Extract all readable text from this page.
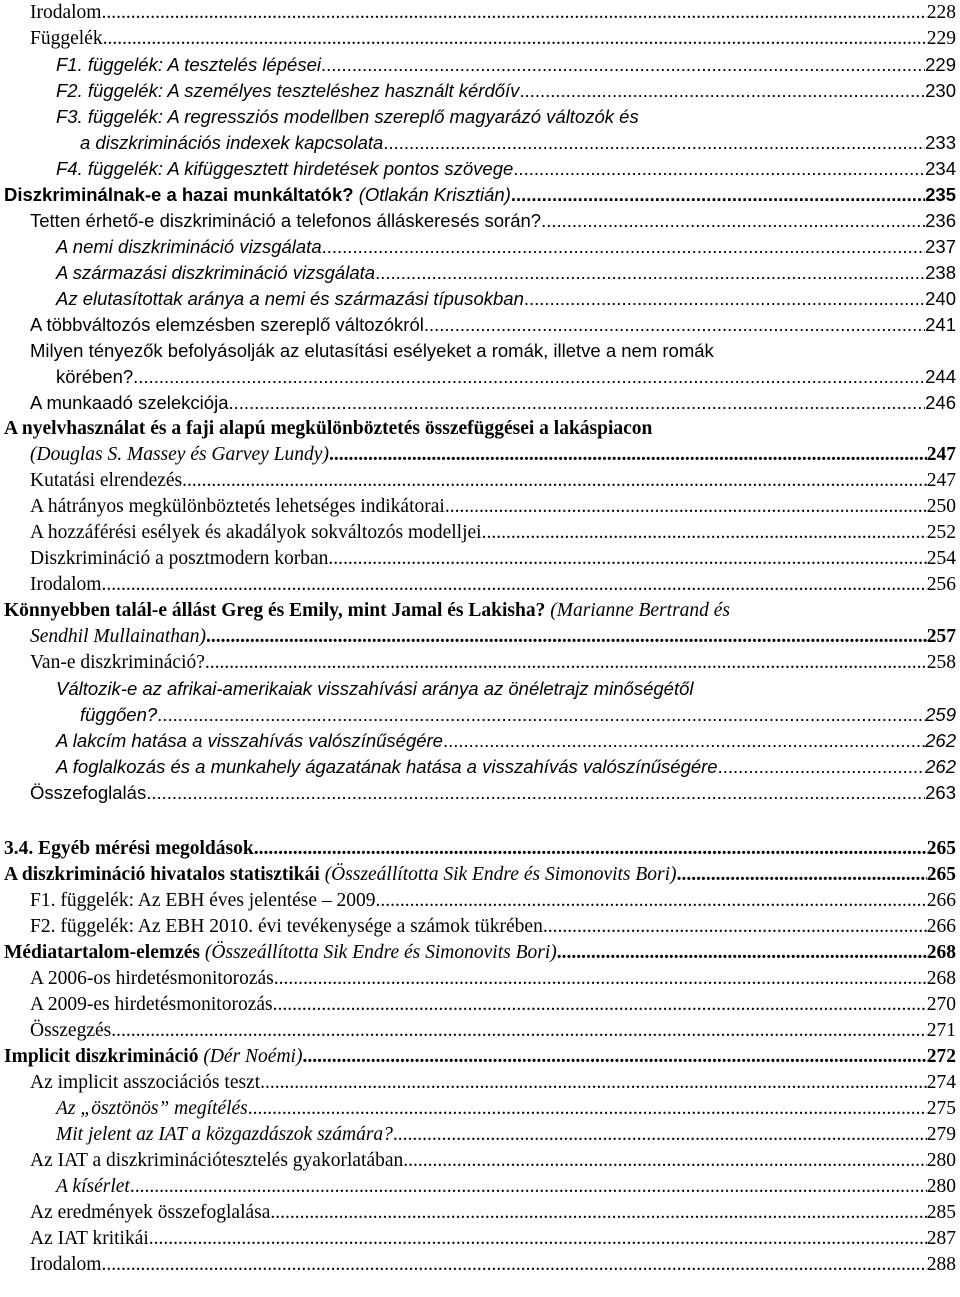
Irodalom .....	228
Függelék .....	229
F1. függelék: A tesztelés lépései .....	229
F2. függelék: A személyes teszteléshez használt kérdőív .....	230
F3. függelék: A regressziós modellben szereplő magyarázó változók és
a diszkriminációs indexek kapcsolata .....	233
F4. függelék: A kifüggesztett hirdetések pontos szövege .....	234
Diszkriminálnak-e a hazai munkáltatók? (Otlakán Krisztián) .....	235
Tetten érhető-e diszkrimináció a telefonos álláskeresés során? .....	236
A nemi diszkrimináció vizsgálata .....	237
A származási diszkrimináció vizsgálata .....	238
Az elutasítottak aránya a nemi és származási típusokban .....	240
A többváltozós elemzésben szereplő változókról .....	241
Milyen tényezők befolyásolják az elutasítási esélyeket a romák, illetve a nem romák
körében? .....	244
A munkaadó szelekciója .....	246
A nyelvhasználat és a faji alapú megkülönböztetés összefüggései a lakáspiacon
(Douglas S. Massey és Garvey Lundy) .....	247
Kutatási elrendezés .....	247
A hátrányos megkülönböztetés lehetséges indikátorai .....	250
A hozzáférési esélyek és akadályok sokváltozós modelljei .....	252
Diszkrimináció a posztmodern korban .....	254
Irodalom .....	256
Könnyebben talál-e állást Greg és Emily, mint Jamal és Lakisha? (Marianne Bertrand és
Sendhil Mullainathan) .....	257
Van-e diszkrimináció? .....	258
Változik-e az afrikai-amerikaiak visszahívási aránya az önéletrajz minőségétől
függően? .....	259
A lakcím hatása a visszahívás valószínűségére .....	262
A foglalkozás és a munkahely ágazatának hatása a visszahívás valószínűségére .....	262
Összefoglalás .....	263
3.4. Egyéb mérési megoldások .....	265
A diszkrimináció hivatalos statisztikái (Összeállította Sik Endre és Simonovits Bori) .....	265
F1. függelék: Az EBH éves jelentése – 2009 .....	266
F2. függelék: Az EBH 2010. évi tevékenysége a számok tükrében .....	266
Médiatartalom-elemzés (Összeállította Sik Endre és Simonovits Bori) .....	268
A 2006-os hirdetésmonitorozás .....	268
A 2009-es hirdetésmonitorozás .....	270
Összegzés .....	271
Implicit diszkrimináció (Dér Noémi) .....	272
Az implicit asszociációs teszt .....	274
Az „ösztönös” megítélés .....	275
Mit jelent az IAT a közgazdászok számára? .....	279
Az IAT a diszkriminációtesztelés gyakorlatában .....	280
A kísérlet .....	280
Az eredmények összefoglalása .....	285
Az IAT kritikái .....	287
Irodalom .....	288
